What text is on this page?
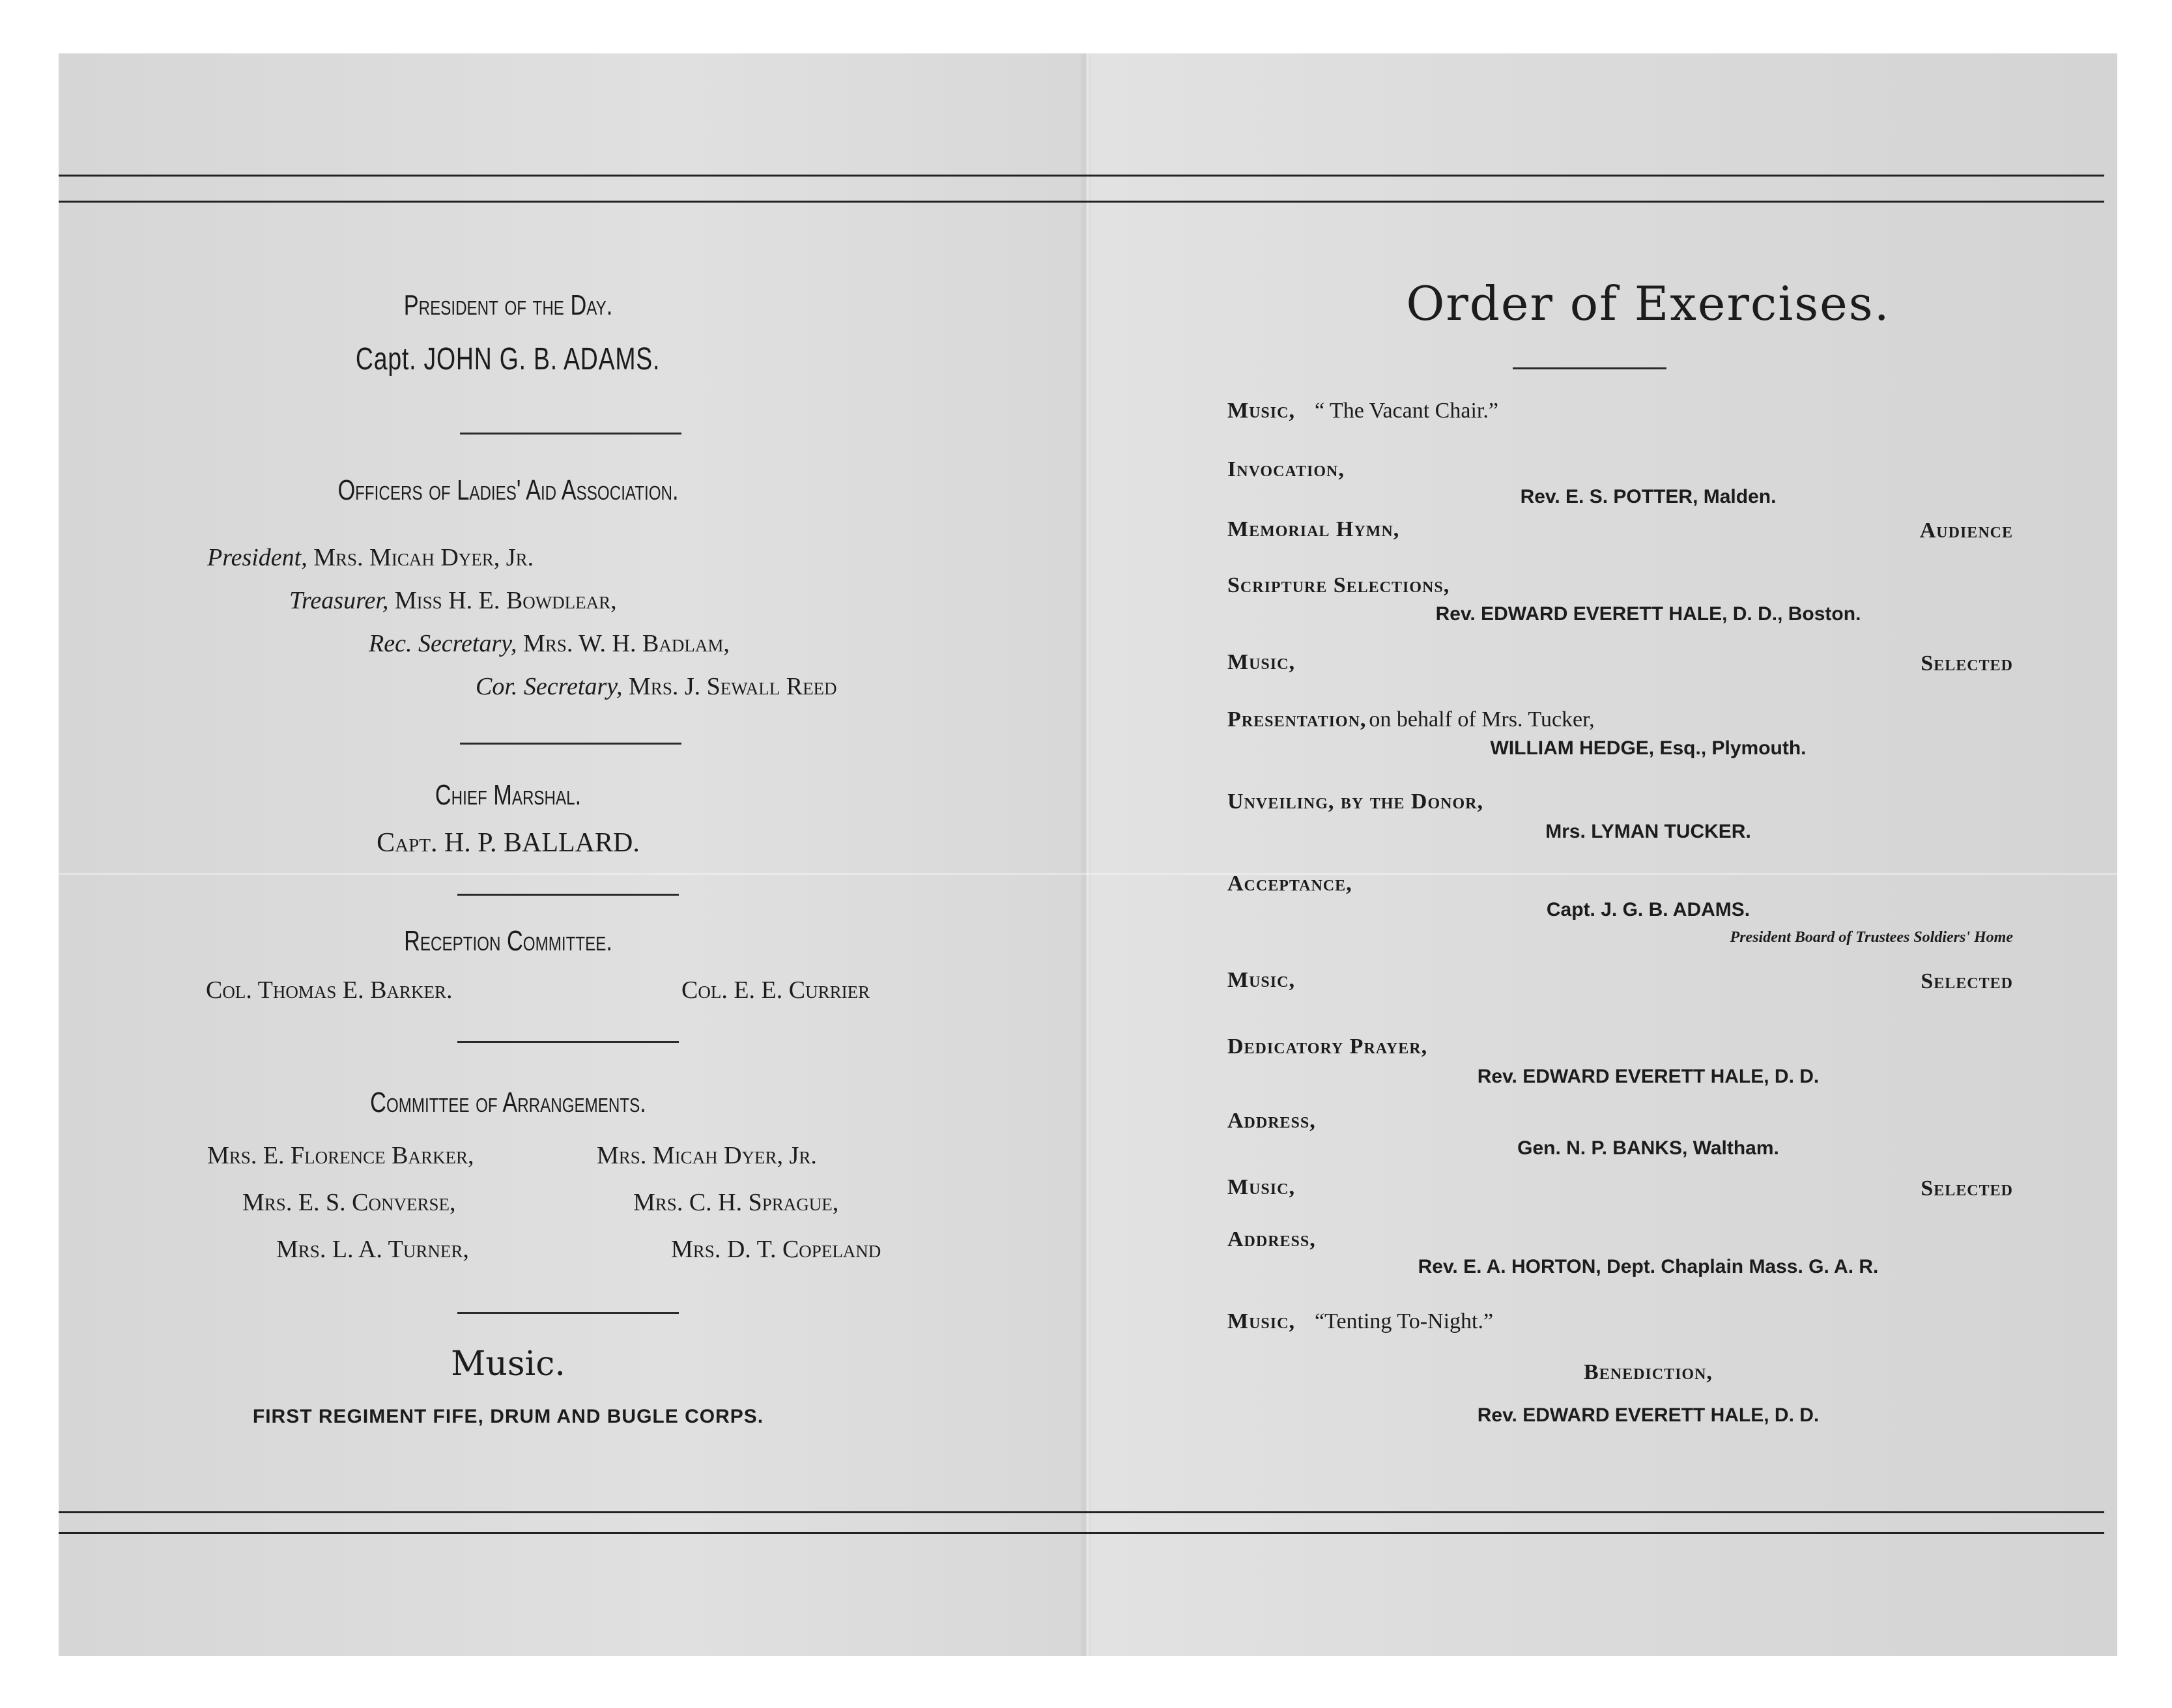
President of the Day.
Capt. JOHN G. B. ADAMS.
Officers of Ladies' Aid Association.
President, Mrs. Micah Dyer, Jr.
Treasurer, Miss H. E. Bowdlear,
Rec. Secretary, Mrs. W. H. Badlam,
Cor. Secretary, Mrs. J. Sewall Reed
Chief Marshal.
Capt. H. P. BALLARD.
Reception Committee.
Col. Thomas E. Barker.	Col. E. E. Currier
Committee of Arrangements.
Mrs. E. Florence Barker,	Mrs. Micah Dyer, Jr.
Mrs. E. S. Converse,	Mrs. C. H. Sprague,
Mrs. L. A. Turner,	Mrs. D. T. Copeland
Music.
FIRST REGIMENT FIFE, DRUM AND BUGLE CORPS.
Order of Exercises.
Music, “ The Vacant Chair.”
Invocation,
Rev. E. S. POTTER, Malden.
Memorial Hymn,	Audience
Scripture Selections,
Rev. EDWARD EVERETT HALE, D. D., Boston.
Music,	Selected
Presentation, on behalf of Mrs. Tucker,
WILLIAM HEDGE, Esq., Plymouth.
Unveiling, by the Donor,
Mrs. LYMAN TUCKER.
Acceptance,
Capt. J. G. B. ADAMS.
President Board of Trustees Soldiers' Home
Music,	Selected
Dedicatory Prayer,
Rev. EDWARD EVERETT HALE, D. D.
Address,
Gen. N. P. BANKS, Waltham.
Music,	Selected
Address,
Rev. E. A. HORTON, Dept. Chaplain Mass. G. A. R.
Music, “Tenting To-Night.”
Benediction,
Rev. EDWARD EVERETT HALE, D. D.
